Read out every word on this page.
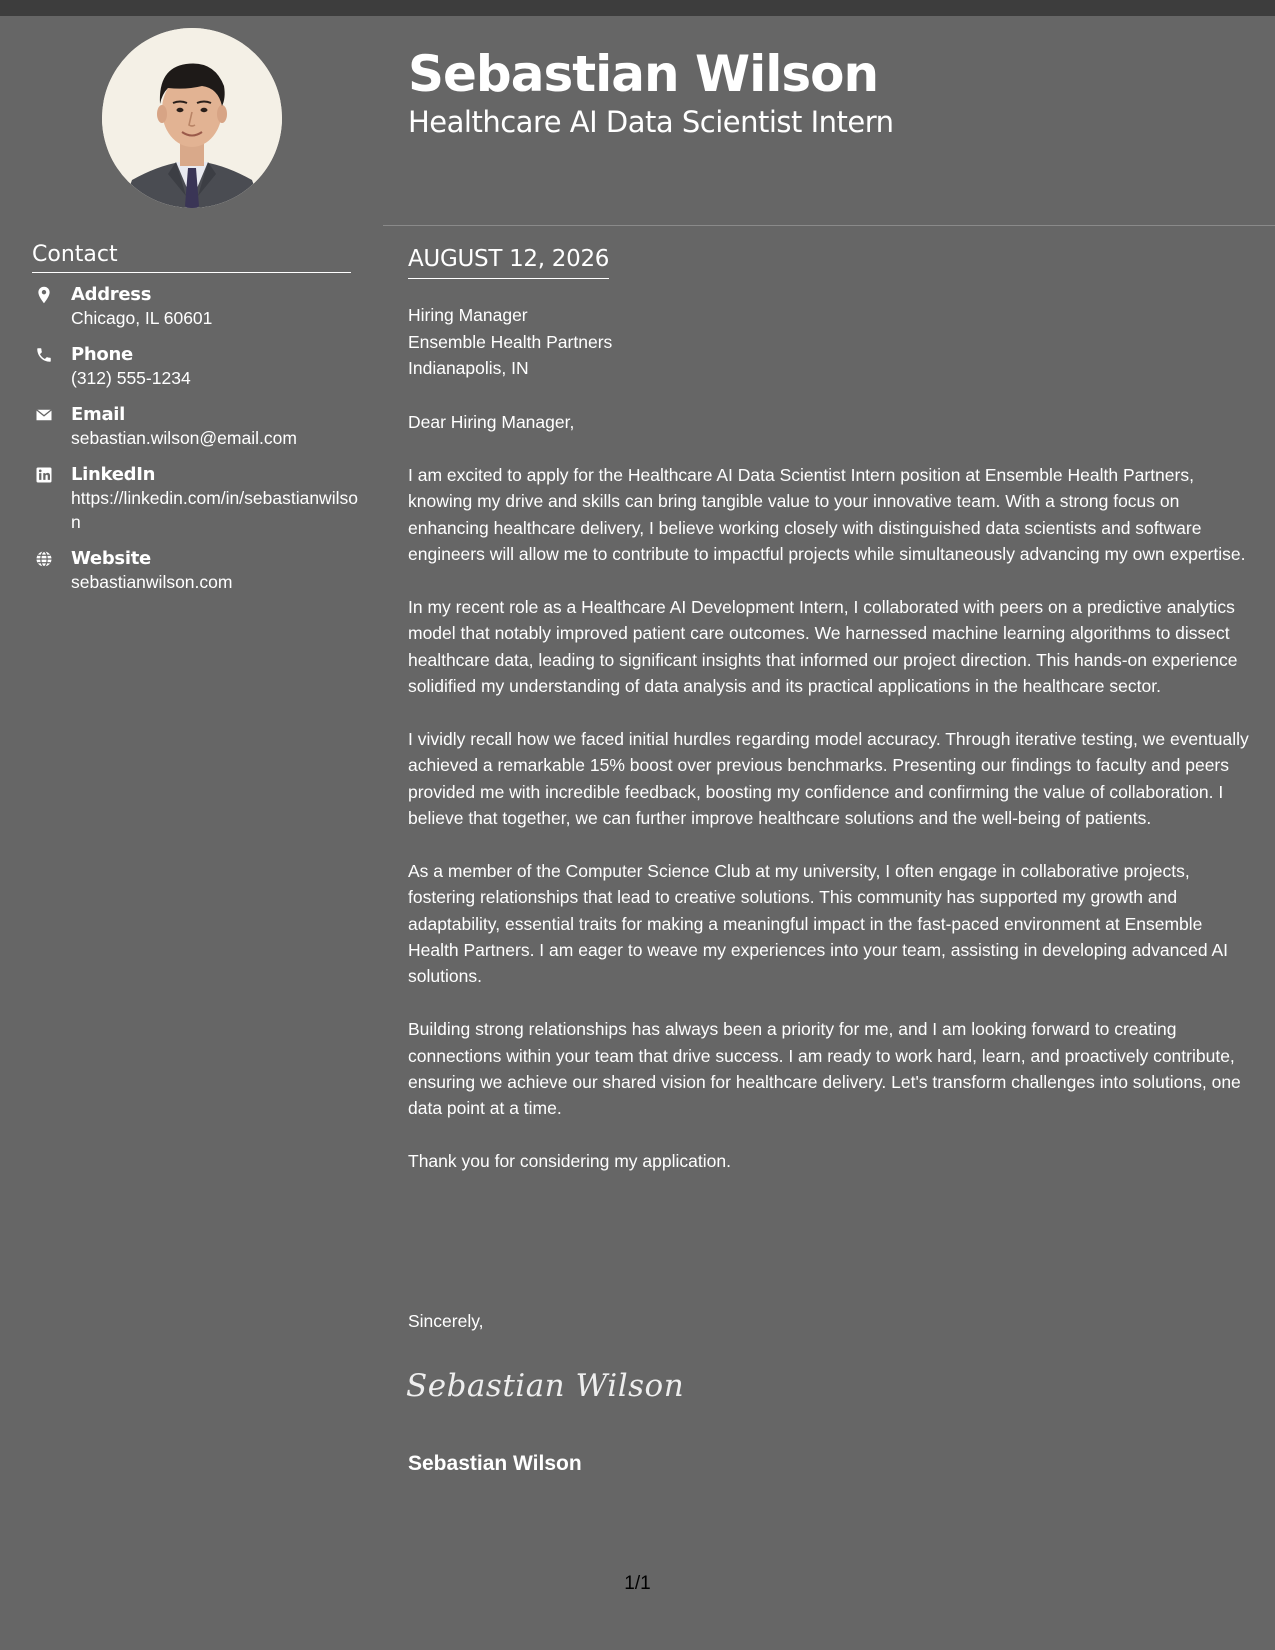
Contact
Address
Chicago, IL 60601
Phone
(312) 555-1234
Email
sebastian.wilson@email.com
LinkedIn
https://linkedin.com/in/sebastianwilson
Website
sebastianwilson.com
Sebastian Wilson
Healthcare AI Data Scientist Intern
AUGUST 12, 2026
Hiring Manager
Ensemble Health Partners
Indianapolis, IN

Dear Hiring Manager,

I am excited to apply for the Healthcare AI Data Scientist Intern position at Ensemble Health Partners, knowing my drive and skills can bring tangible value to your innovative team. With a strong focus on enhancing healthcare delivery, I believe working closely with distinguished data scientists and software engineers will allow me to contribute to impactful projects while simultaneously advancing my own expertise.

In my recent role as a Healthcare AI Development Intern, I collaborated with peers on a predictive analytics model that notably improved patient care outcomes. We harnessed machine learning algorithms to dissect healthcare data, leading to significant insights that informed our project direction. This hands-on experience solidified my understanding of data analysis and its practical applications in the healthcare sector.

I vividly recall how we faced initial hurdles regarding model accuracy. Through iterative testing, we eventually achieved a remarkable 15% boost over previous benchmarks. Presenting our findings to faculty and peers provided me with incredible feedback, boosting my confidence and confirming the value of collaboration. I believe that together, we can further improve healthcare solutions and the well-being of patients.

As a member of the Computer Science Club at my university, I often engage in collaborative projects, fostering relationships that lead to creative solutions. This community has supported my growth and adaptability, essential traits for making a meaningful impact in the fast-paced environment at Ensemble Health Partners. I am eager to weave my experiences into your team, assisting in developing advanced AI solutions.

Building strong relationships has always been a priority for me, and I am looking forward to creating connections within your team that drive success. I am ready to work hard, learn, and proactively contribute, ensuring we achieve our shared vision for healthcare delivery. Let's transform challenges into solutions, one data point at a time.

Thank you for considering my application.

Sincerely,
Sebastian Wilson
Sebastian Wilson
1/1
